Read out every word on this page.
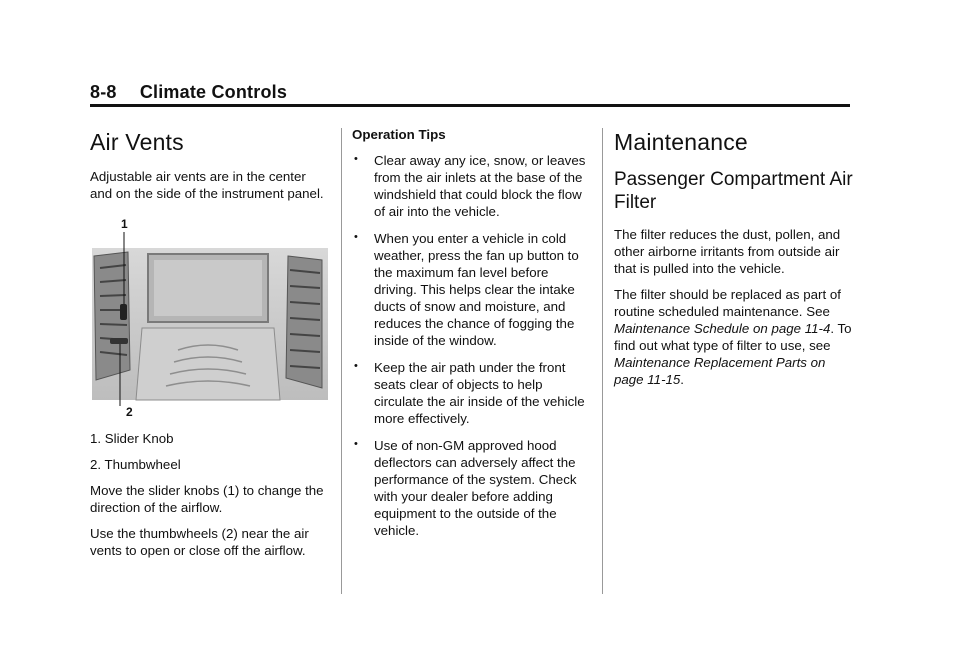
8-8 Climate Controls
Air Vents

Adjustable air vents are in the center and on the side of the instrument panel.

1
2

1. Slider Knob

2. Thumbwheel

Move the slider knobs (1) to change the direction of the airflow.

Use the thumbwheels (2) near the air vents to open or close off the airflow.

Operation Tips

• Clear away any ice, snow, or leaves from the air inlets at the base of the windshield that could block the flow of air into the vehicle.
• When you enter a vehicle in cold weather, press the fan up button to the maximum fan level before driving. This helps clear the intake ducts of snow and moisture, and reduces the chance of fogging the inside of the window.
• Keep the air path under the front seats clear of objects to help circulate the air inside of the vehicle more effectively.
• Use of non-GM approved hood deflectors can adversely affect the performance of the system. Check with your dealer before adding equipment to the outside of the vehicle.
Maintenance
Passenger Compartment Air Filter

The filter reduces the dust, pollen, and other airborne irritants from outside air that is pulled into the vehicle.

The filter should be replaced as part of routine scheduled maintenance. See Maintenance Schedule on page 11-4. To find out what type of filter to use, see Maintenance Replacement Parts on page 11-15.
